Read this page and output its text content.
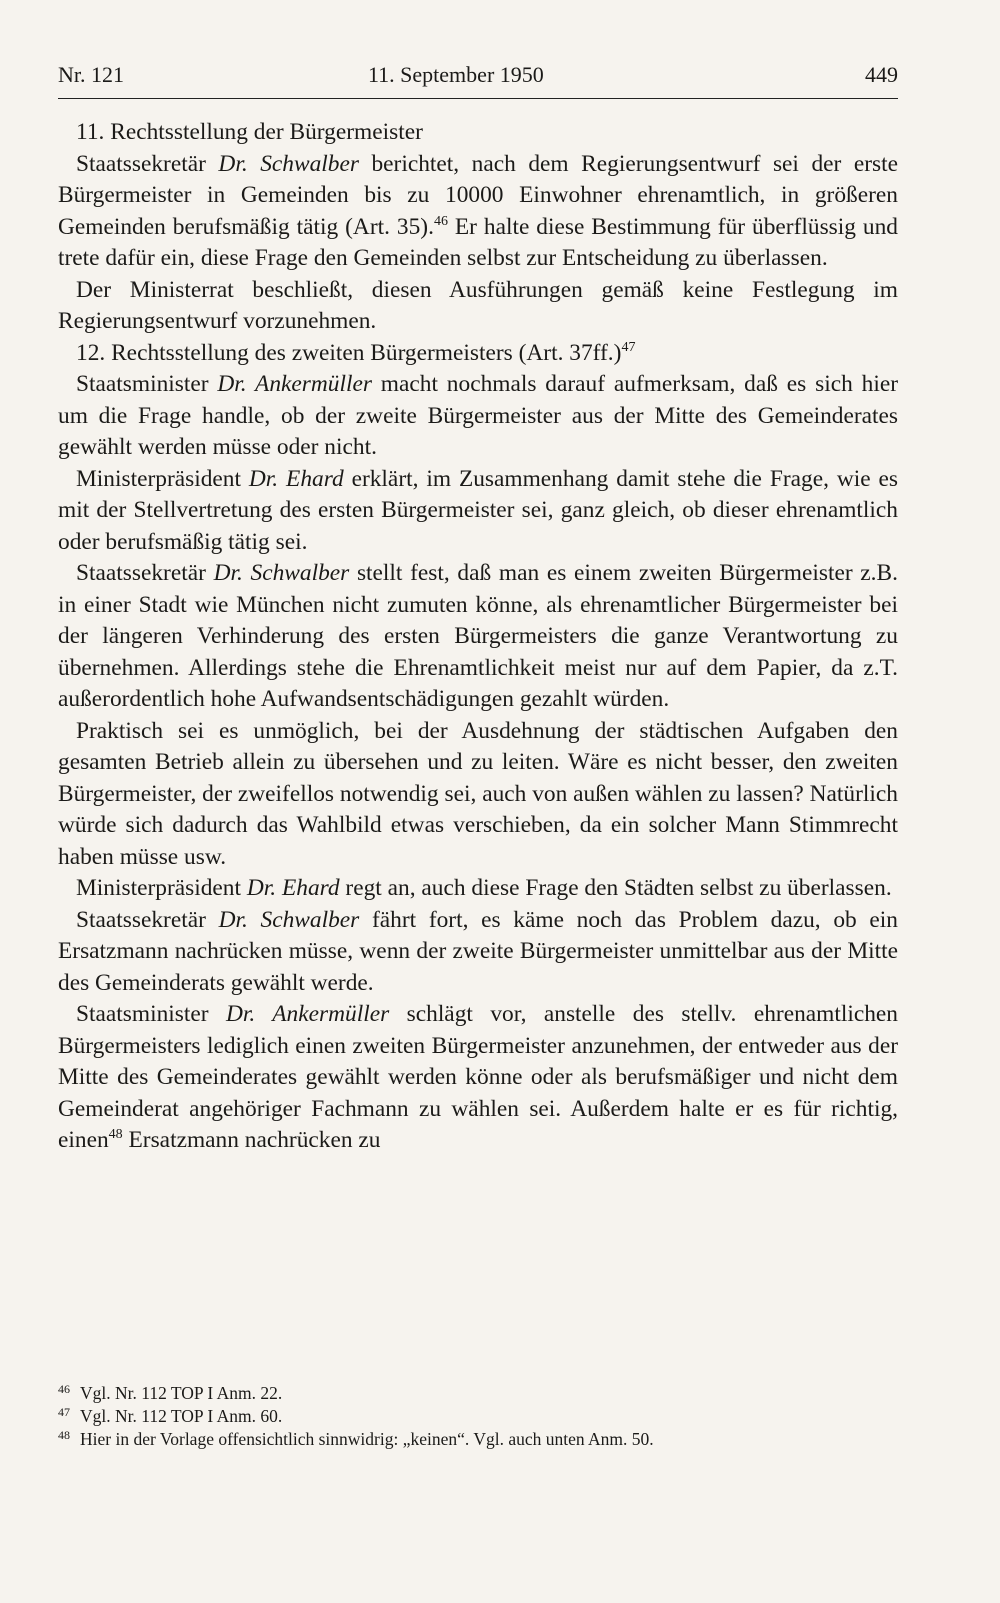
Nr. 121	11. September 1950	449

11. Rechtsstellung der Bürgermeister

Staatssekretär Dr. Schwalber berichtet, nach dem Regierungsentwurf sei der erste Bürgermeister in Gemeinden bis zu 10000 Einwohner ehrenamtlich, in größeren Gemeinden berufsmäßig tätig (Art. 35).$^{46}$ Er halte diese Bestimmung für überflüssig und trete dafür ein, diese Frage den Gemeinden selbst zur Entscheidung zu überlassen.

Der Ministerrat beschließt, diesen Ausführungen gemäß keine Festlegung im Regierungsentwurf vorzunehmen.

12. Rechtsstellung des zweiten Bürgermeisters (Art. 37ff.)$^{47}$

Staatsminister Dr. Ankermüller macht nochmals darauf aufmerksam, daß es sich hier um die Frage handle, ob der zweite Bürgermeister aus der Mitte des Gemeinderates gewählt werden müsse oder nicht.

Ministerpräsident Dr. Ehard erklärt, im Zusammenhang damit stehe die Frage, wie es mit der Stellvertretung des ersten Bürgermeister sei, ganz gleich, ob dieser ehrenamtlich oder berufsmäßig tätig sei.

Staatssekretär Dr. Schwalber stellt fest, daß man es einem zweiten Bürgermeister z.B. in einer Stadt wie München nicht zumuten könne, als ehrenamtlicher Bürgermeister bei der längeren Verhinderung des ersten Bürgermeisters die ganze Verantwortung zu übernehmen. Allerdings stehe die Ehrenamtlichkeit meist nur auf dem Papier, da z.T. außerordentlich hohe Aufwandsentschädigungen gezahlt würden.

Praktisch sei es unmöglich, bei der Ausdehnung der städtischen Aufgaben den gesamten Betrieb allein zu übersehen und zu leiten. Wäre es nicht besser, den zweiten Bürgermeister, der zweifellos notwendig sei, auch von außen wählen zu lassen? Natürlich würde sich dadurch das Wahlbild etwas verschieben, da ein solcher Mann Stimmrecht haben müsse usw.

Ministerpräsident Dr. Ehard regt an, auch diese Frage den Städten selbst zu überlassen.

Staatssekretär Dr. Schwalber fährt fort, es käme noch das Problem dazu, ob ein Ersatzmann nachrücken müsse, wenn der zweite Bürgermeister unmittelbar aus der Mitte des Gemeinderats gewählt werde.

Staatsminister Dr. Ankermüller schlägt vor, anstelle des stellv. ehrenamtlichen Bürgermeisters lediglich einen zweiten Bürgermeister anzunehmen, der entweder aus der Mitte des Gemeinderates gewählt werden könne oder als berufsmäßiger und nicht dem Gemeinderat angehöriger Fachmann zu wählen sei. Außerdem halte er es für richtig, einen$^{48}$ Ersatzmann nachrücken zu

46 Vgl. Nr. 112 TOP I Anm. 22.
47 Vgl. Nr. 112 TOP I Anm. 60.
48 Hier in der Vorlage offensichtlich sinnwidrig: „keinen“. Vgl. auch unten Anm. 50.
